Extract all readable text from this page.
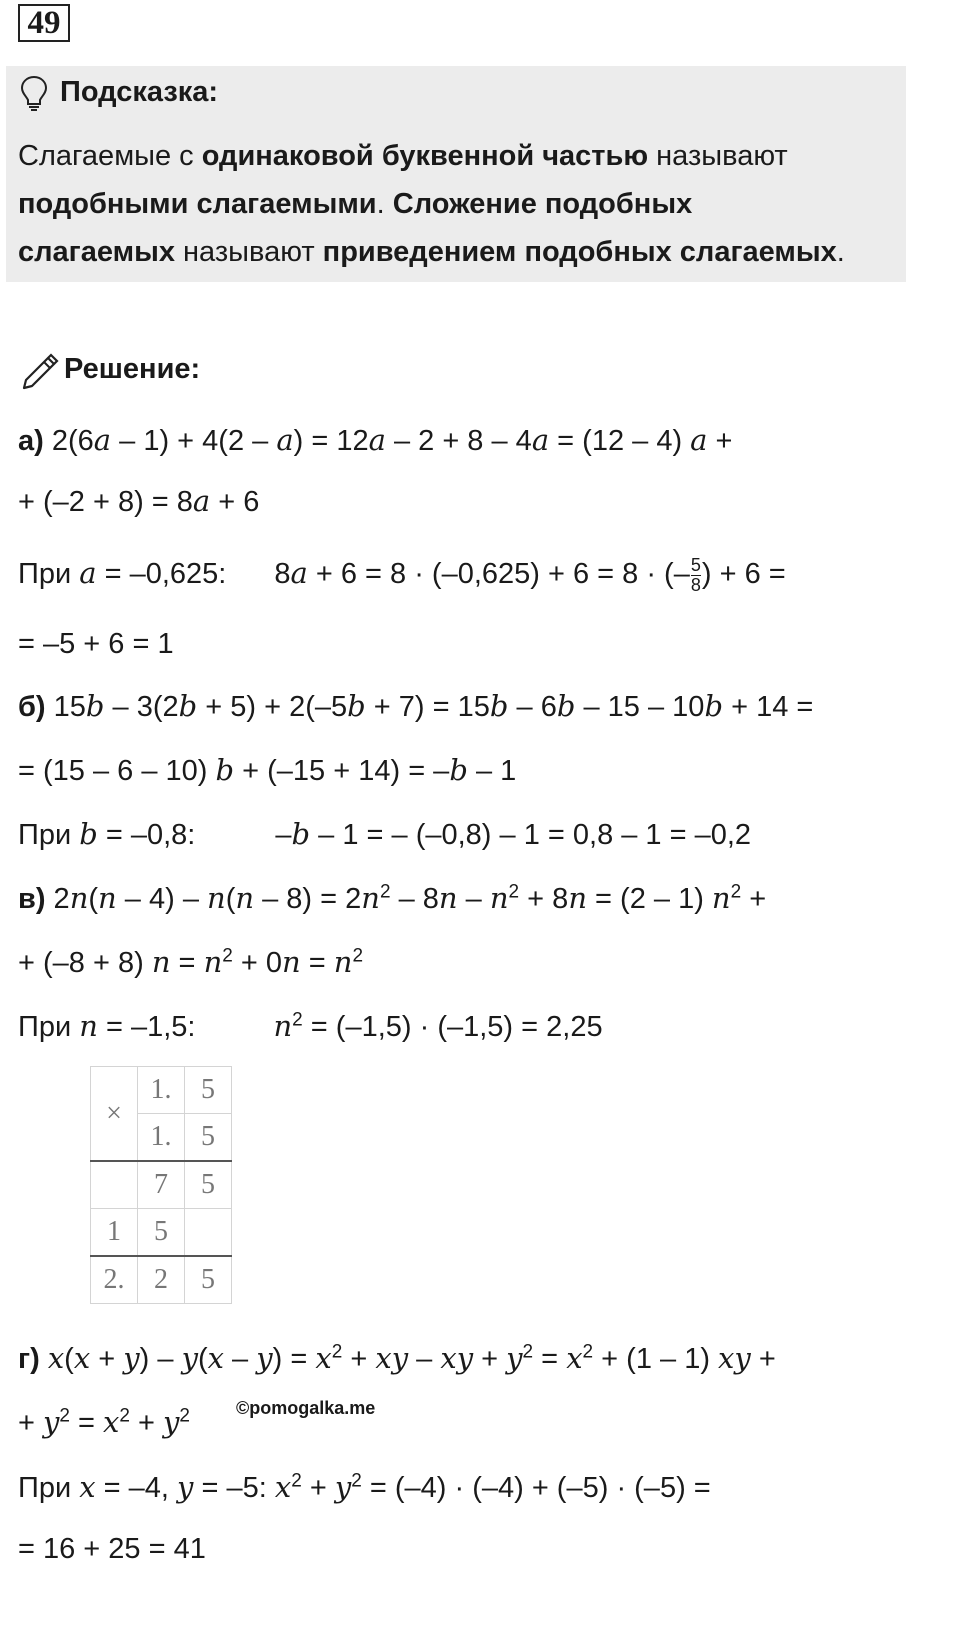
49
Подсказка:
Слагаемые с одинаковой буквенной частью называют
подобными слагаемыми. Сложение подобных
слагаемых называют приведением подобных слагаемых.
Решение:
а) 2(6a – 1) + 4(2 – a) = 12a – 2 + 8 – 4a = (12 – 4) a +
+ (–2 + 8) = 8a + 6
При a = –0,625: 8a + 6 = 8 · (–0,625) + 6 = 8 · (– $\frac{5}{8}$ ) + 6 =
= –5 + 6 = 1
б) 15b – 3(2b + 5) + 2(–5b + 7) = 15b – 6b – 15 – 10b + 14 =
= (15 – 6 – 10) b + (–15 + 14) = –b – 1
При b = –0,8:	–b – 1 = – (–0,8) – 1 = 0,8 – 1 = –0,2
в) $2n(n - 4) - n(n - 8) = 2n^2 - 8n - n^2 + 8n = (2 - 1) n^2$ +
+ (–8 + 8) $n = n^2 + 0n = n^2$
При n = –1,5:	$n^2 = (-1,5) \cdot (-1,5) = 2,25$
×	1.	5
	1.	5
	7	5
1	5	
2.	2	5
г) $x(x + y) - y(x - y) = x^2$ + xy – xy + $y^2 = x^2 + (1 - 1)$ xy +
+ $y^2 = x^2 + y^2$	©pomogalka.me
При x = –4, y = –5: $x^2 + y^2 = (-4) \cdot (-4) + (-5) \cdot (-5)$ =
= 16 + 25 = 41
